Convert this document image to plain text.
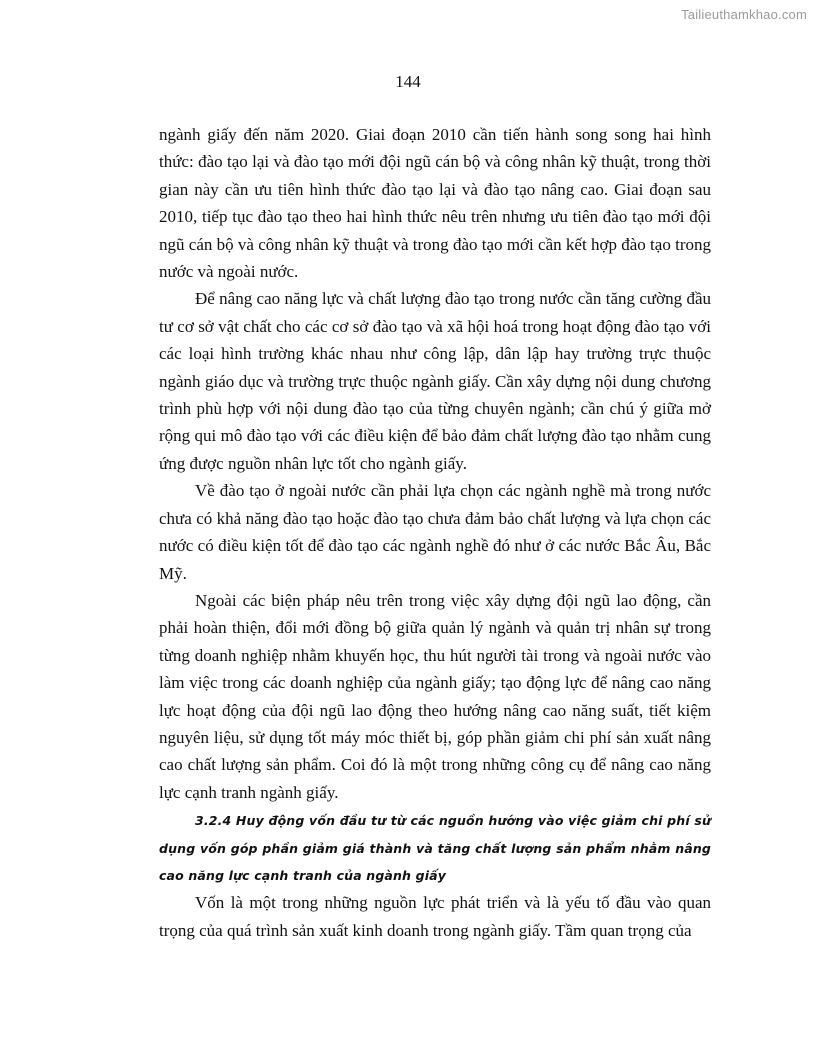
Tailieuthamkhao.com
144

ngành giấy đến năm 2020. Giai đoạn 2010 cần tiến hành song song hai hình thức: đào tạo lại và đào tạo mới đội ngũ cán bộ và công nhân kỹ thuật, trong thời gian này cần ưu tiên hình thức đào tạo lại và đào tạo nâng cao. Giai đoạn sau 2010, tiếp tục đào tạo theo hai hình thức nêu trên nhưng ưu tiên đào tạo mới đội ngũ cán bộ và công nhân kỹ thuật và trong đào tạo mới cần kết hợp đào tạo trong nước và ngoài nước.

Để nâng cao năng lực và chất lượng đào tạo trong nước cần tăng cường đầu tư cơ sở vật chất cho các cơ sở đào tạo và xã hội hoá trong hoạt động đào tạo với các loại hình trường khác nhau như công lập, dân lập hay trường trực thuộc ngành giáo dục và trường trực thuộc ngành giấy. Cần xây dựng nội dung chương trình phù hợp với nội dung đào tạo của từng chuyên ngành; cần chú ý giữa mở rộng qui mô đào tạo với các điều kiện để bảo đảm chất lượng đào tạo nhằm cung ứng được nguồn nhân lực tốt cho ngành giấy.

Về đào tạo ở ngoài nước cần phải lựa chọn các ngành nghề mà trong nước chưa có khả năng đào tạo hoặc đào tạo chưa đảm bảo chất lượng và lựa chọn các nước có điều kiện tốt để đào tạo các ngành nghề đó như ở các nước Bắc Âu, Bắc Mỹ.

Ngoài các biện pháp nêu trên trong việc xây dựng đội ngũ lao động, cần phải hoàn thiện, đổi mới đồng bộ giữa quản lý ngành và quản trị nhân sự trong từng doanh nghiệp nhằm khuyến học, thu hút người tài trong và ngoài nước vào làm việc trong các doanh nghiệp của ngành giấy; tạo động lực để nâng cao năng lực hoạt động của đội ngũ lao động theo hướng nâng cao năng suất, tiết kiệm nguyên liệu, sử dụng tốt máy móc thiết bị, góp phần giảm chi phí sản xuất nâng cao chất lượng sản phẩm. Coi đó là một trong những công cụ để nâng cao năng lực cạnh tranh ngành giấy.

3.2.4 Huy động vốn đầu tư từ các nguồn hướng vào việc giảm chi phí sử dụng vốn góp phần giảm giá thành và tăng chất lượng sản phẩm nhằm nâng cao năng lực cạnh tranh của ngành giấy

Vốn là một trong những nguồn lực phát triển và là yếu tố đầu vào quan trọng của quá trình sản xuất kinh doanh trong ngành giấy. Tầm quan trọng của
